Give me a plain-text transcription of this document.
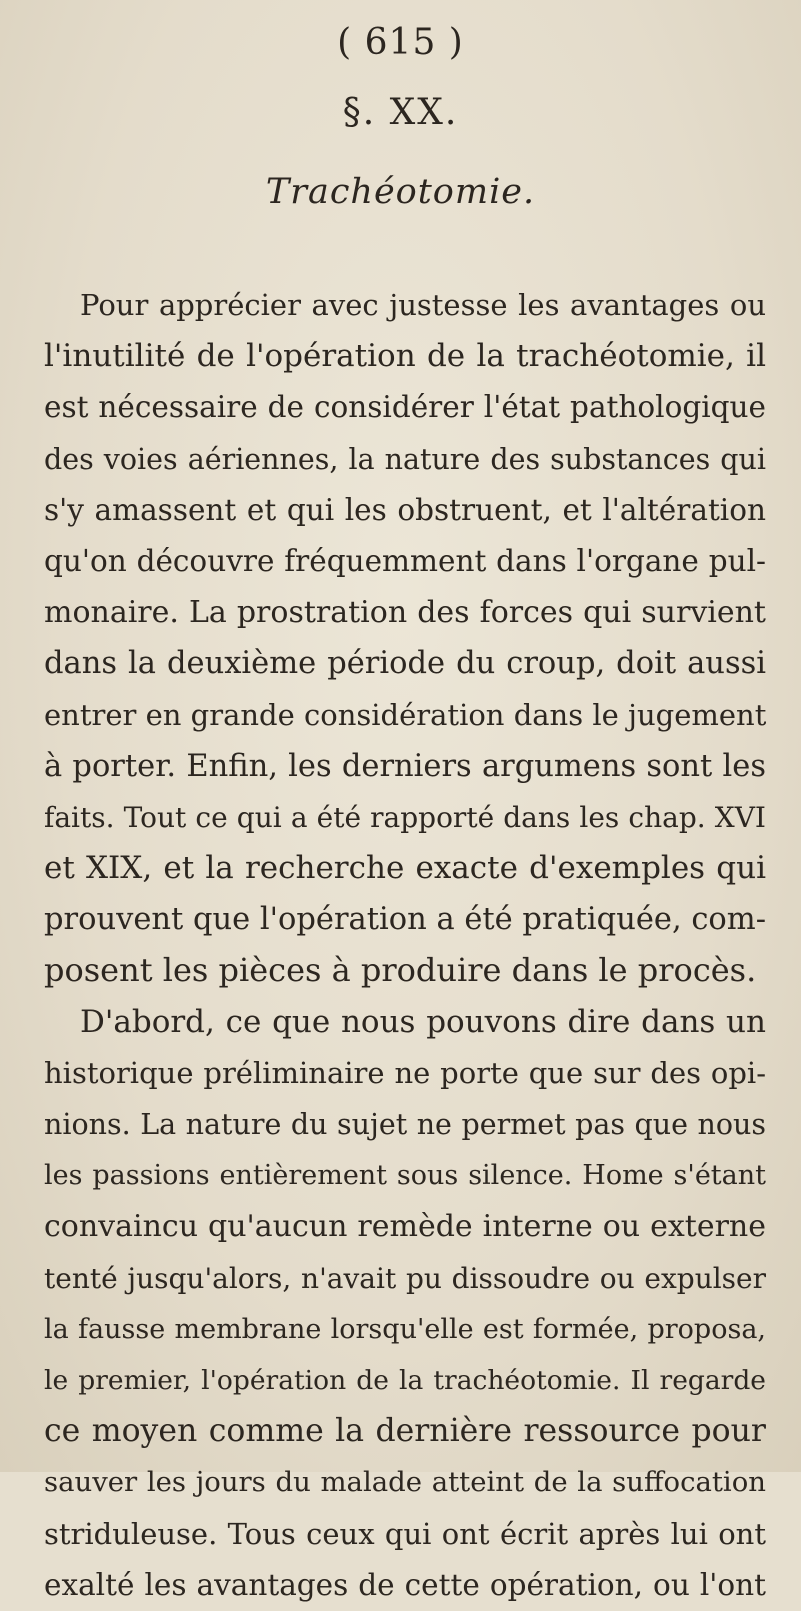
( 615 )
§. XX.
Trachéotomie.
Pour apprécier avec justesse les avantages ou
l'inutilité de l'opération de la trachéotomie, il
est nécessaire de considérer l'état pathologique
des voies aériennes, la nature des substances qui
s'y amassent et qui les obstruent, et l'altération
qu'on découvre fréquemment dans l'organe pul-
monaire. La prostration des forces qui survient
dans la deuxième période du croup, doit aussi
entrer en grande considération dans le jugement
à porter. Enfin, les derniers argumens sont les
faits. Tout ce qui a été rapporté dans les chap. XVI
et XIX, et la recherche exacte d'exemples qui
prouvent que l'opération a été pratiquée, com-
posent les pièces à produire dans le procès.
D'abord, ce que nous pouvons dire dans un
historique préliminaire ne porte que sur des opi-
nions. La nature du sujet ne permet pas que nous
les passions entièrement sous silence. Home s'étant
convaincu qu'aucun remède interne ou externe
tenté jusqu'alors, n'avait pu dissoudre ou expulser
la fausse membrane lorsqu'elle est formée, proposa,
le premier, l'opération de la trachéotomie. Il regarde
ce moyen comme la dernière ressource pour
sauver les jours du malade atteint de la suffocation
striduleuse. Tous ceux qui ont écrit après lui ont
exalté les avantages de cette opération, ou l'ont
